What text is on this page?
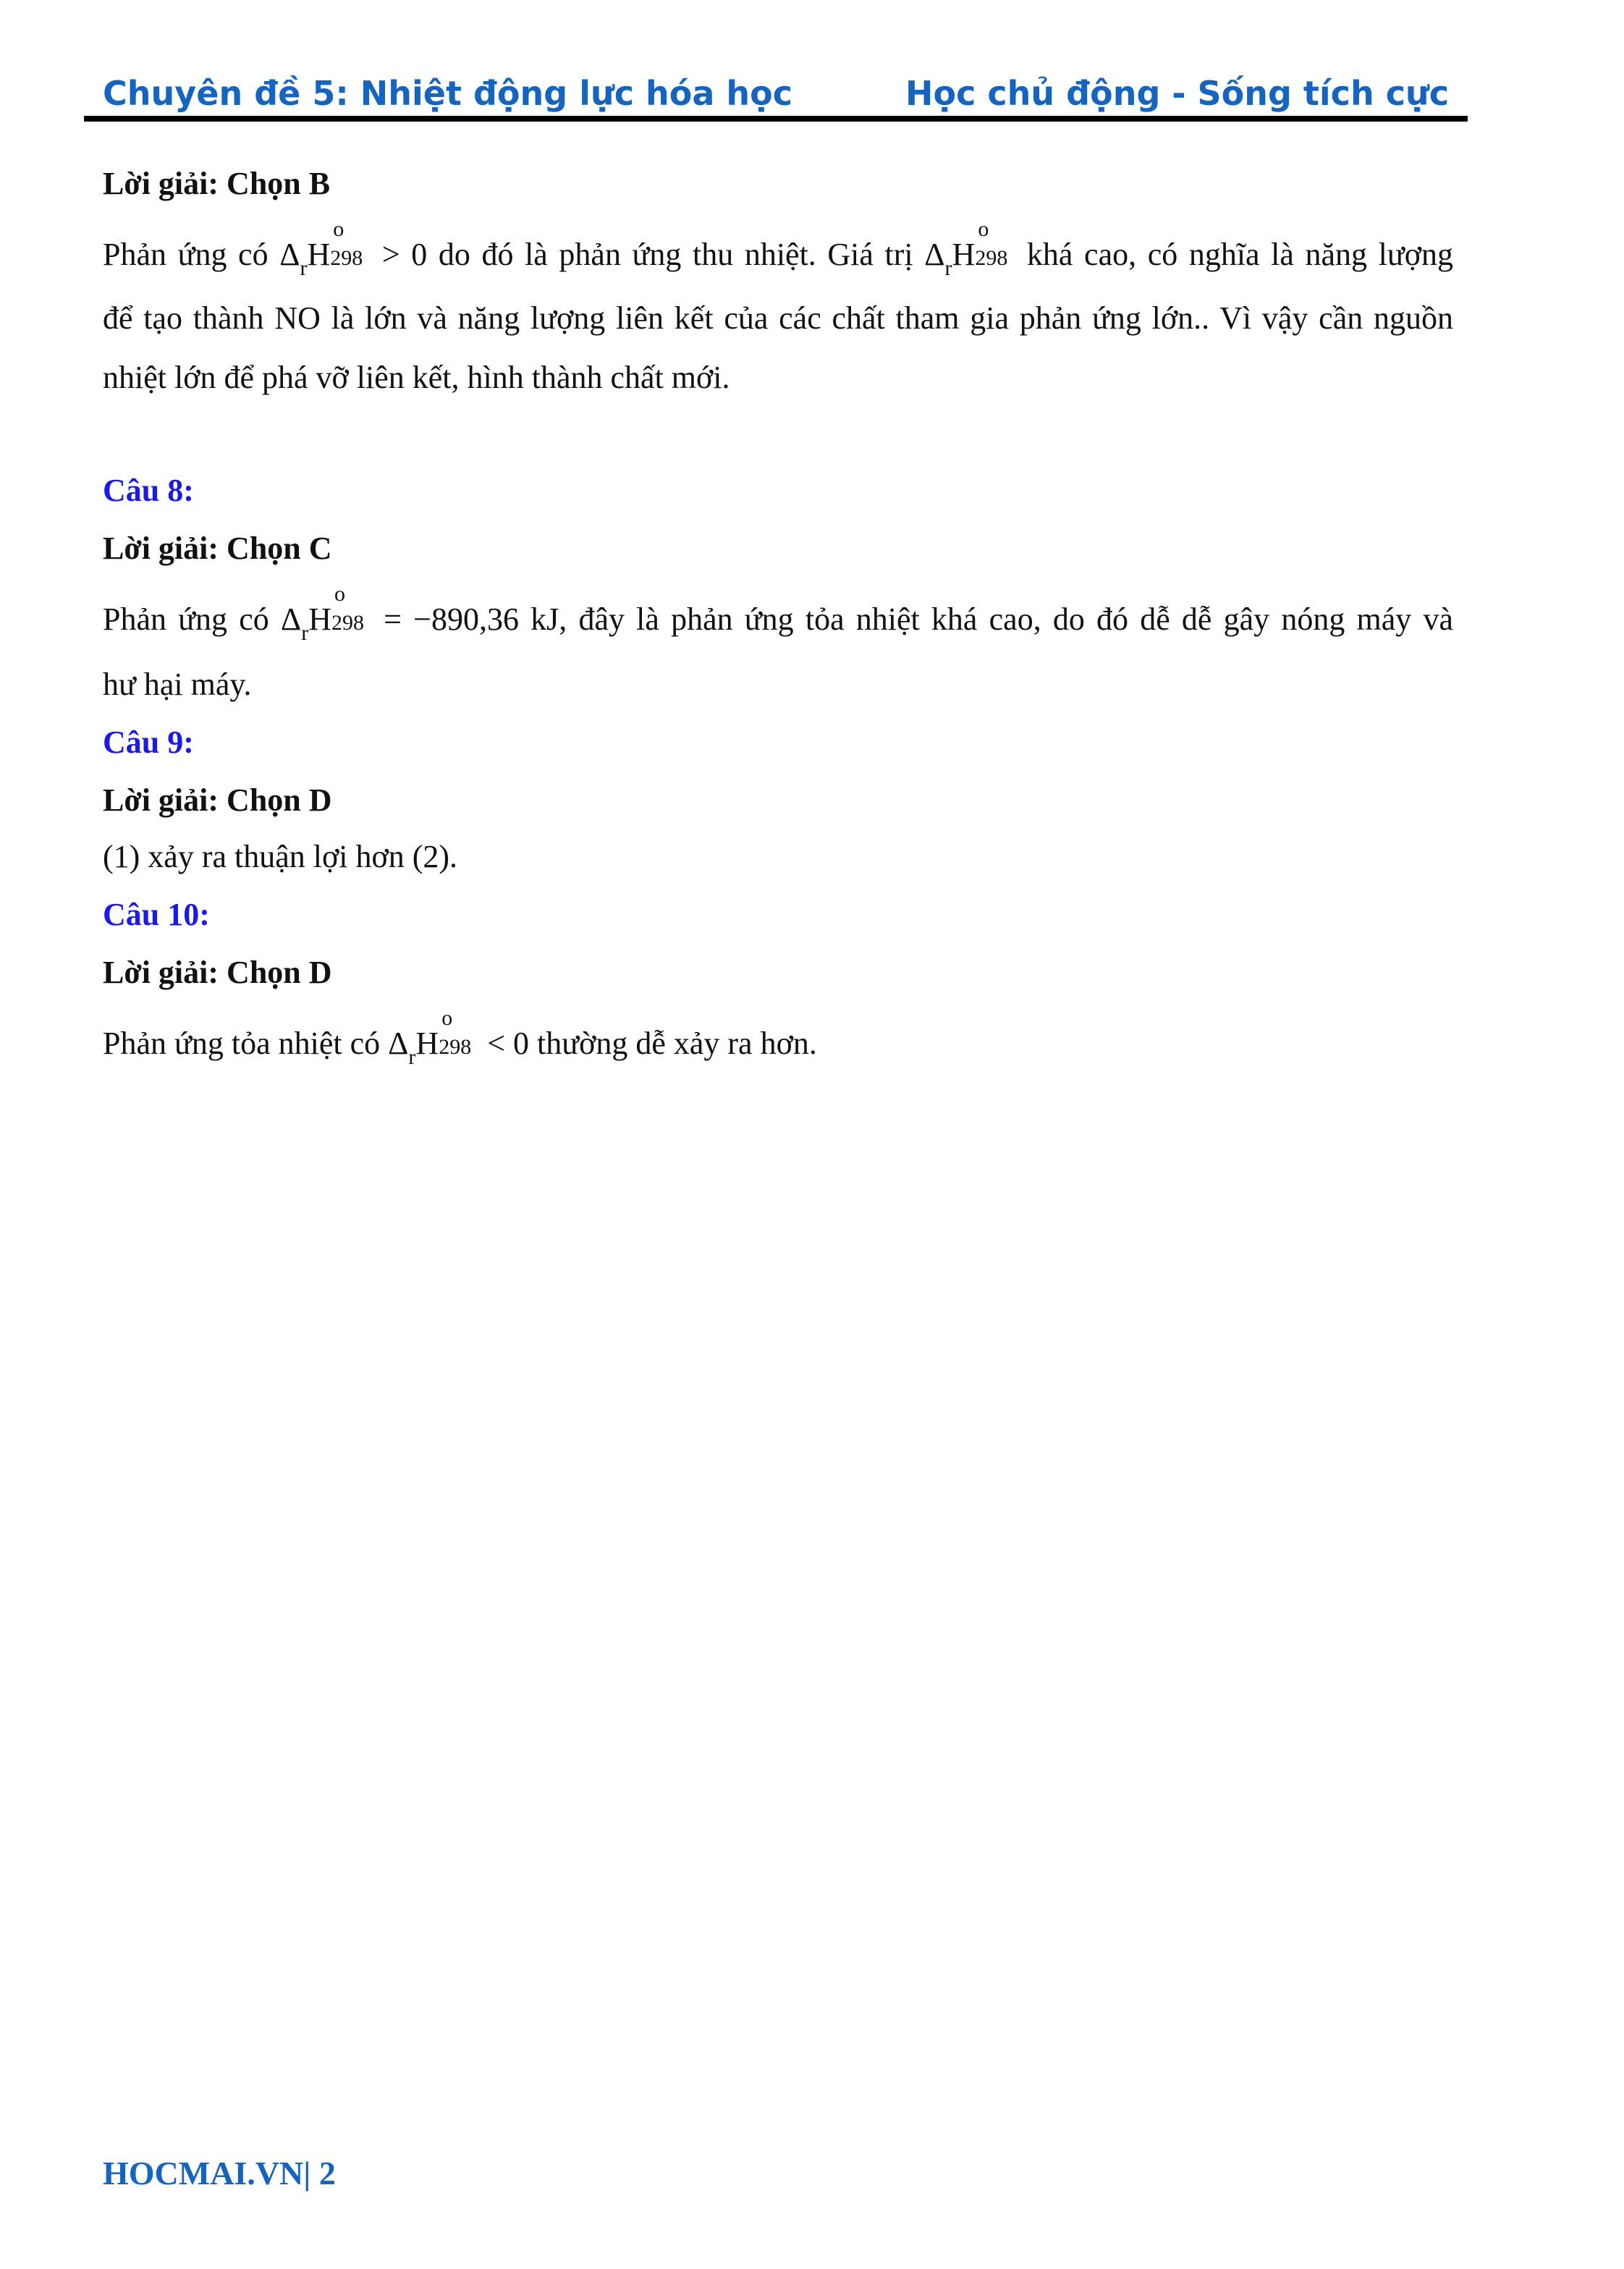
Chuyên đề 5: Nhiệt động lực hóa học	Học chủ động - Sống tích cực
Lời giải: Chọn B
Phản ứng có $\Delta_rH$
o
298 > 0 do đó là phản ứng thu nhiệt. Giá trị $\Delta_rH$
o
298 khá cao, có nghĩa là năng lượng
để tạo thành NO là lớn và năng lượng liên kết của các chất tham gia phản ứng lớn.. Vì vậy cần nguồn
nhiệt lớn để phá vỡ liên kết, hình thành chất mới.
Câu 8:
Lời giải: Chọn C
Phản ứng có $\Delta_rH$
o
298 = −890,36 kJ, đây là phản ứng tỏa nhiệt khá cao, do đó dễ dễ gây nóng máy và
hư hại máy.
Câu 9:
Lời giải: Chọn D
(1) xảy ra thuận lợi hơn (2).
Câu 10:
Lời giải: Chọn D
Phản ứng tỏa nhiệt có $\Delta_rH$
o
298 < 0 thường dễ xảy ra hơn.
HOCMAI.VN| 2
